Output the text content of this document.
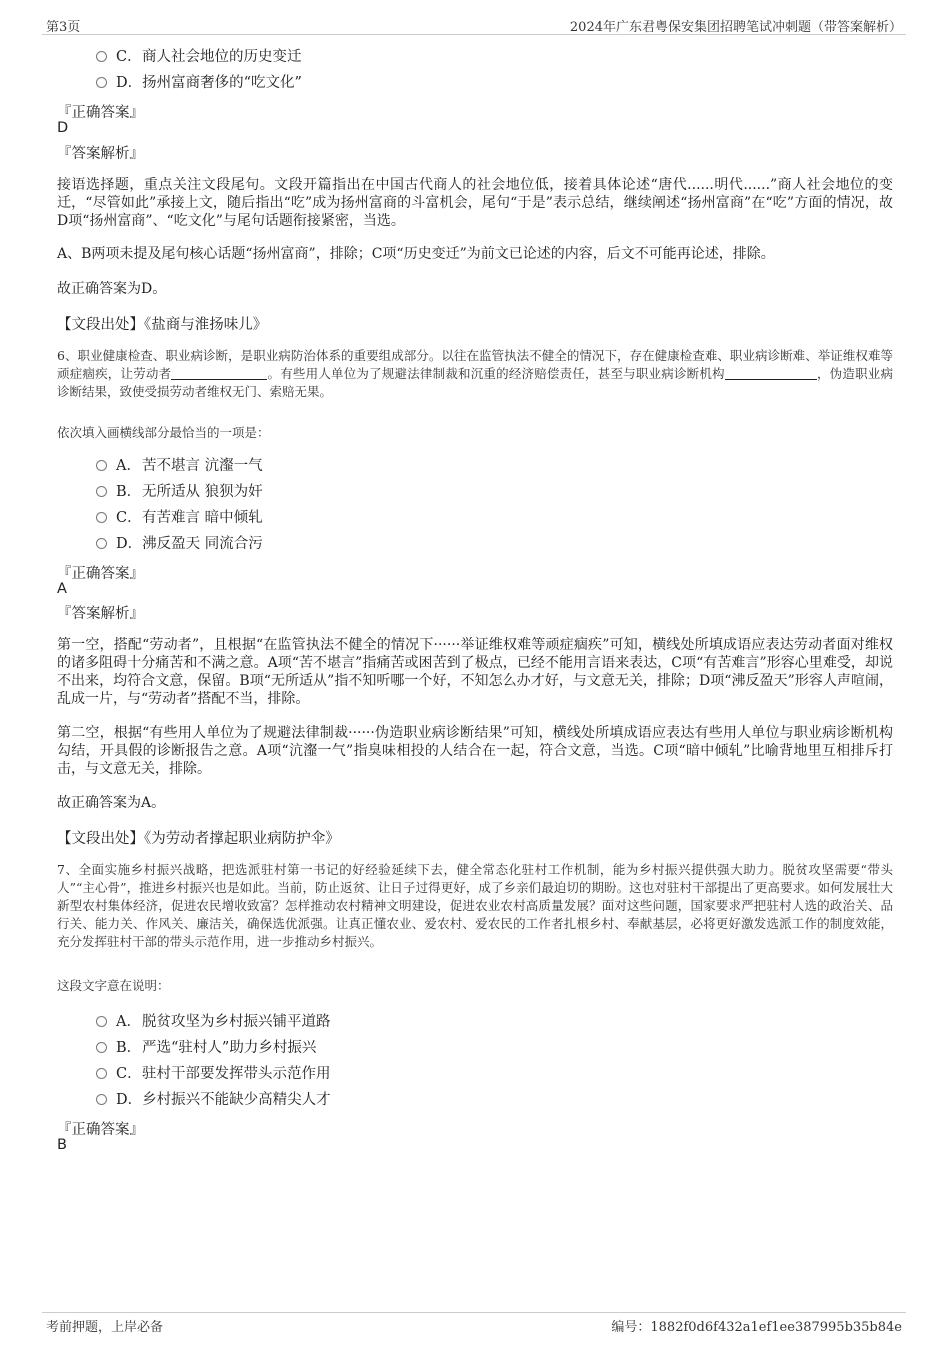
第3页	2024年广东君粤保安集团招聘笔试冲刺题（带答案解析）
C．商人社会地位的历史变迁
D．扬州富商奢侈的“吃文化”
『正确答案』
D
『答案解析』
接语选择题，重点关注文段尾句。文段开篇指出在中国古代商人的社会地位低，接着具体论述“唐代......明代......”商人社会地位的变迁，“尽管如此”承接上文，随后指出“吃”成为扬州富商的斗富机会，尾句“于是”表示总结，继续阐述“扬州富商”在“吃”方面的情况，故D项“扬州富商”、“吃文化”与尾句话题衔接紧密，当选。
A、B两项未提及尾句核心话题“扬州富商”，排除；C项“历史变迁”为前文已论述的内容，后文不可能再论述，排除。
故正确答案为D。
【文段出处】《盐商与淮扬味儿》
6、职业健康检查、职业病诊断，是职业病防治体系的重要组成部分。以往在监管执法不健全的情况下，存在健康检查难、职业病诊断难、举证维权难等顽症痼疾，让劳动者	。有些用人单位为了规避法律制裁和沉重的经济赔偿责任，甚至与职业病诊断机构	，伪造职业病诊断结果，致使受损劳动者维权无门、索赔无果。
依次填入画横线部分最恰当的一项是：
A．苦不堪言 沆瀣一气
B．无所适从 狼狈为奸
C．有苦难言 暗中倾轧
D．沸反盈天 同流合污
『正确答案』
A
『答案解析』
第一空，搭配“劳动者”，且根据“在监管执法不健全的情况下······举证维权难等顽症痼疾”可知，横线处所填成语应表达劳动者面对维权的诸多阻碍十分痛苦和不满之意。A项“苦不堪言”指痛苦或困苦到了极点，已经不能用言语来表达，C项“有苦难言”形容心里难受，却说不出来，均符合文意，保留。B项“无所适从”指不知听哪一个好，不知怎么办才好，与文意无关，排除；D项“沸反盈天”形容人声喧闹，乱成一片，与“劳动者”搭配不当，排除。
第二空，根据“有些用人单位为了规避法律制裁······伪造职业病诊断结果”可知，横线处所填成语应表达有些用人单位与职业病诊断机构勾结，开具假的诊断报告之意。A项“沆瀣一气”指臭味相投的人结合在一起，符合文意，当选。C项“暗中倾轧”比喻背地里互相排斥打击，与文意无关，排除。
故正确答案为A。
【文段出处】《为劳动者撑起职业病防护伞》
7、全面实施乡村振兴战略，把选派驻村第一书记的好经验延续下去，健全常态化驻村工作机制，能为乡村振兴提供强大助力。脱贫攻坚需要“带头人”“主心骨”，推进乡村振兴也是如此。当前，防止返贫、让日子过得更好，成了乡亲们最迫切的期盼。这也对驻村干部提出了更高要求。如何发展壮大新型农村集体经济，促进农民增收致富？怎样推动农村精神文明建设，促进农业农村高质量发展？面对这些问题，国家要求严把驻村人选的政治关、品行关、能力关、作风关、廉洁关，确保选优派强。让真正懂农业、爱农村、爱农民的工作者扎根乡村、奉献基层，必将更好激发选派工作的制度效能，充分发挥驻村干部的带头示范作用，进一步推动乡村振兴。
这段文字意在说明：
A．脱贫攻坚为乡村振兴铺平道路
B．严选“驻村人”助力乡村振兴
C．驻村干部要发挥带头示范作用
D．乡村振兴不能缺少高精尖人才
『正确答案』
B
考前押题，上岸必备	编号：1882f0d6f432a1ef1ee387995b35b84e
